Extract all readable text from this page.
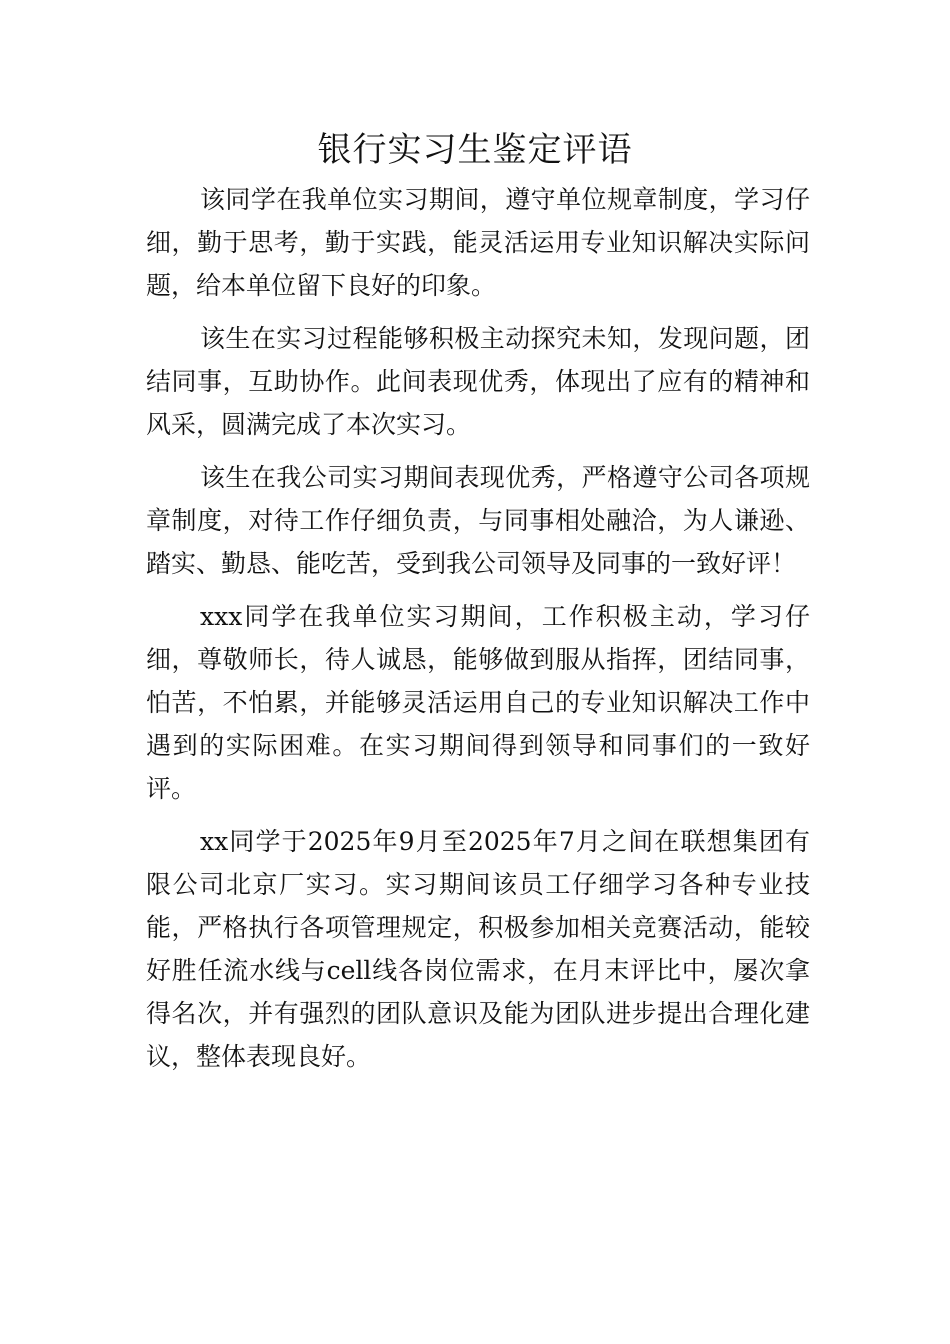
银行实习生鉴定评语

该同学在我单位实习期间，遵守单位规章制度，学习仔细，勤于思考，勤于实践，能灵活运用专业知识解决实际问题，给本单位留下良好的印象。

该生在实习过程能够积极主动探究未知，发现问题，团结同事，互助协作。此间表现优秀，体现出了应有的精神和风采，圆满完成了本次实习。

该生在我公司实习期间表现优秀，严格遵守公司各项规章制度，对待工作仔细负责，与同事相处融洽，为人谦逊、踏实、勤恳、能吃苦，受到我公司领导及同事的一致好评！

xxx同学在我单位实习期间，工作积极主动，学习仔细，尊敬师长，待人诚恳，能够做到服从指挥，团结同事，怕苦，不怕累，并能够灵活运用自己的专业知识解决工作中遇到的实际困难。在实习期间得到领导和同事们的一致好评。

xx同学于2025年9月至2025年7月之间在联想集团有限公司北京厂实习。实习期间该员工仔细学习各种专业技能，严格执行各项管理规定，积极参加相关竞赛活动，能较好胜任流水线与cell线各岗位需求，在月末评比中，屡次拿得名次，并有强烈的团队意识及能为团队进步提出合理化建议，整体表现良好。
